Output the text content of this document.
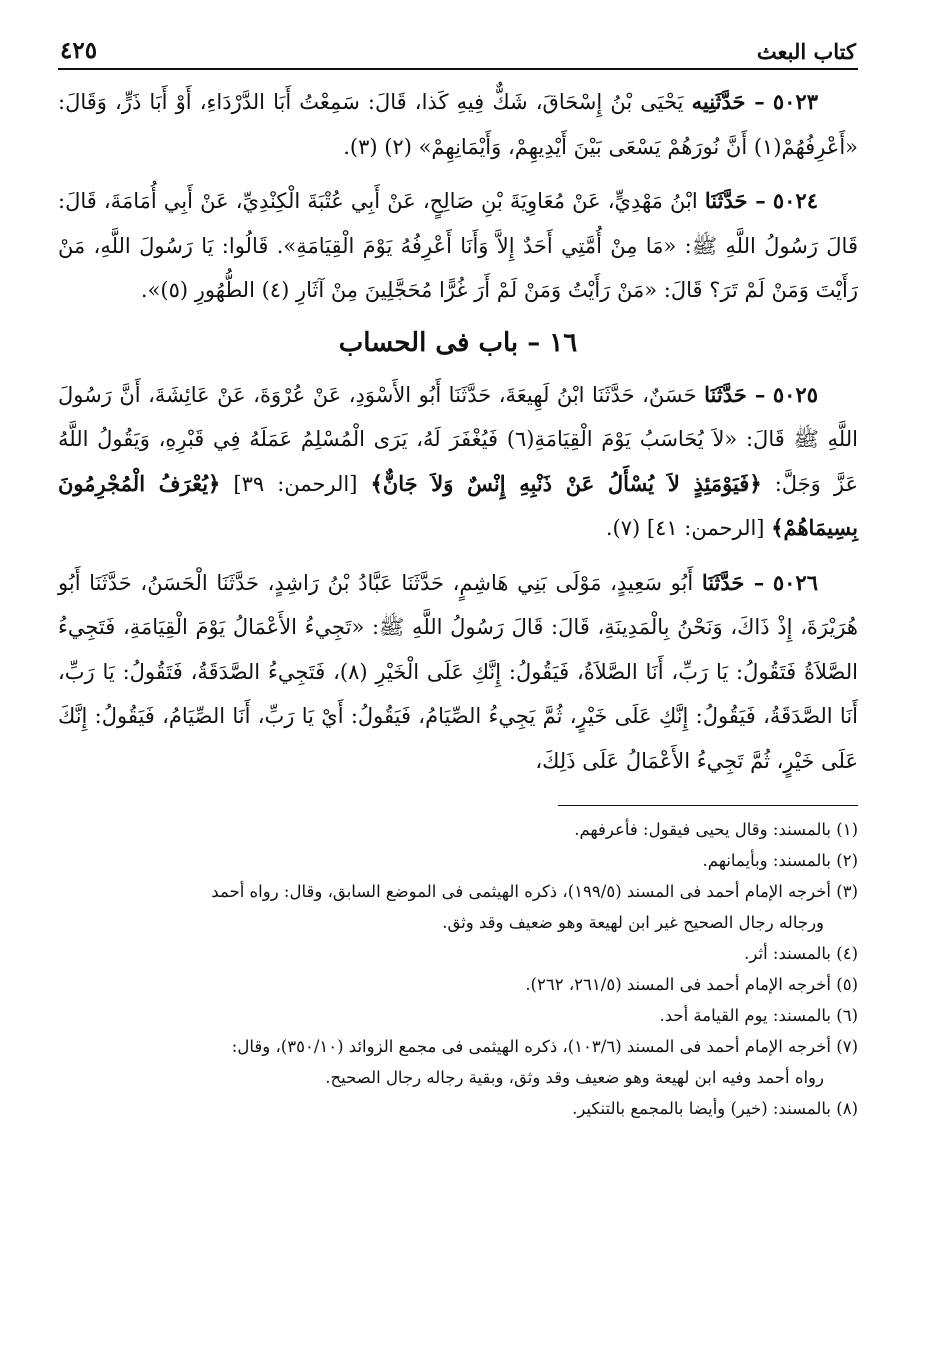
كتاب البعث
٤٢٥

٥٠٢٣ – حَدَّثَنِيه يَحْيَى بْنُ إِسْحَاقَ، شَكٌّ فِيهِ كَذا، قَالَ: سَمِعْتُ أَبَا الدَّرْدَاءِ، أَوْ أَبَا ذَرٍّ، وَقَالَ: «أَعْرِفُهُمْ(١) أَنَّ نُورَهُمْ يَسْعَى بَيْنَ أَيْدِيهِمْ، وَأَيْمَانِهِمْ» (٢) (٣).

٥٠٢٤ – حَدَّثَنَا ابْنُ مَهْدِيٍّ، عَنْ مُعَاوِيَةَ بْنِ صَالِحٍ، عَنْ أَبِي عُتْبَةَ الْكِنْدِيِّ، عَنْ أَبِي أُمَامَةَ، قَالَ: قَالَ رَسُولُ اللَّهِ ﷺ: «مَا مِنْ أُمَّتِي أَحَدٌ إِلاَّ وَأَنَا أَعْرِفُهُ يَوْمَ الْقِيَامَةِ». قَالُوا: يَا رَسُولَ اللَّهِ، مَنْ رَأَيْتَ وَمَنْ لَمْ تَرَ؟ قَالَ: «مَنْ رَأَيْتُ وَمَنْ لَمْ أَرَ غُرًّا مُحَجَّلِينَ مِنْ آثَارِ (٤) الطُّهُورِ (٥)».

١٦ – باب فى الحساب

٥٠٢٥ – حَدَّثَنَا حَسَنٌ، حَدَّثَنَا ابْنُ لَهِيعَةَ، حَدَّثَنَا أَبُو الأَسْوَدِ، عَنْ عُرْوَةَ، عَنْ عَائِشَةَ، أَنَّ رَسُولَ اللَّهِ ﷺ قَالَ: «لاَ يُحَاسَبُ يَوْمَ الْقِيَامَةِ(٦) فَيُغْفَرَ لَهُ، يَرَى الْمُسْلِمُ عَمَلَهُ فِي قَبْرِهِ، وَيَقُولُ اللَّهُ عَزَّ وَجَلَّ: ﴿فَيَوْمَئِذٍ لاَ يُسْأَلُ عَنْ ذَنْبِهِ إِنْسٌ وَلاَ جَانٌّ﴾ [الرحمن: ٣٩] ﴿يُعْرَفُ الْمُجْرِمُونَ بِسِيمَاهُمْ﴾ [الرحمن: ٤١] (٧).

٥٠٢٦ – حَدَّثَنَا أَبُو سَعِيدٍ، مَوْلَى بَنِي هَاشِمٍ، حَدَّثَنَا عَبَّادُ بْنُ رَاشِدٍ، حَدَّثَنَا الْحَسَنُ، حَدَّثَنَا أَبُو هُرَيْرَةَ، إِذْ ذَاكَ، وَنَحْنُ بِالْمَدِينَةِ، قَالَ: قَالَ رَسُولُ اللَّهِ ﷺ: «تَجِيءُ الأَعْمَالُ يَوْمَ الْقِيَامَةِ، فَتَجِيءُ الصَّلاَةُ فَتَقُولُ: يَا رَبِّ، أَنَا الصَّلاَةُ، فَيَقُولُ: إِنَّكِ عَلَى الْخَيْرِ (٨)، فَتَجِيءُ الصَّدَقَةُ، فَتَقُولُ: يَا رَبِّ، أَنَا الصَّدَقَةُ، فَيَقُولُ: إِنَّكِ عَلَى خَيْرٍ، ثُمَّ يَجِيءُ الصِّيَامُ، فَيَقُولُ: أَيْ يَا رَبِّ، أَنَا الصِّيَامُ، فَيَقُولُ: إِنَّكَ عَلَى خَيْرٍ، ثُمَّ تَجِيءُ الأَعْمَالُ عَلَى ذَلِكَ،

(١) بالمسند: وقال يحيى فيقول: فأعرفهم.

(٢) بالمسند: وبأيمانهم.

(٣) أخرجه الإمام أحمد فى المسند (١٩٩/٥)، ذكره الهيثمى فى الموضع السابق، وقال: رواه أحمد

ورجاله رجال الصحيح غير ابن لهيعة وهو ضعيف وقد وثق.

(٤) بالمسند: أثر.

(٥) أخرجه الإمام أحمد فى المسند (٢٦١/٥، ٢٦٢).

(٦) بالمسند: يوم القيامة أحد.

(٧) أخرجه الإمام أحمد فى المسند (١٠٣/٦)، ذكره الهيثمى فى مجمع الزوائد (٣٥٠/١٠)، وقال:

رواه أحمد وفيه ابن لهيعة وهو ضعيف وقد وثق، وبقية رجاله رجال الصحيح.

(٨) بالمسند: (خير) وأيضا بالمجمع بالتنكير.
